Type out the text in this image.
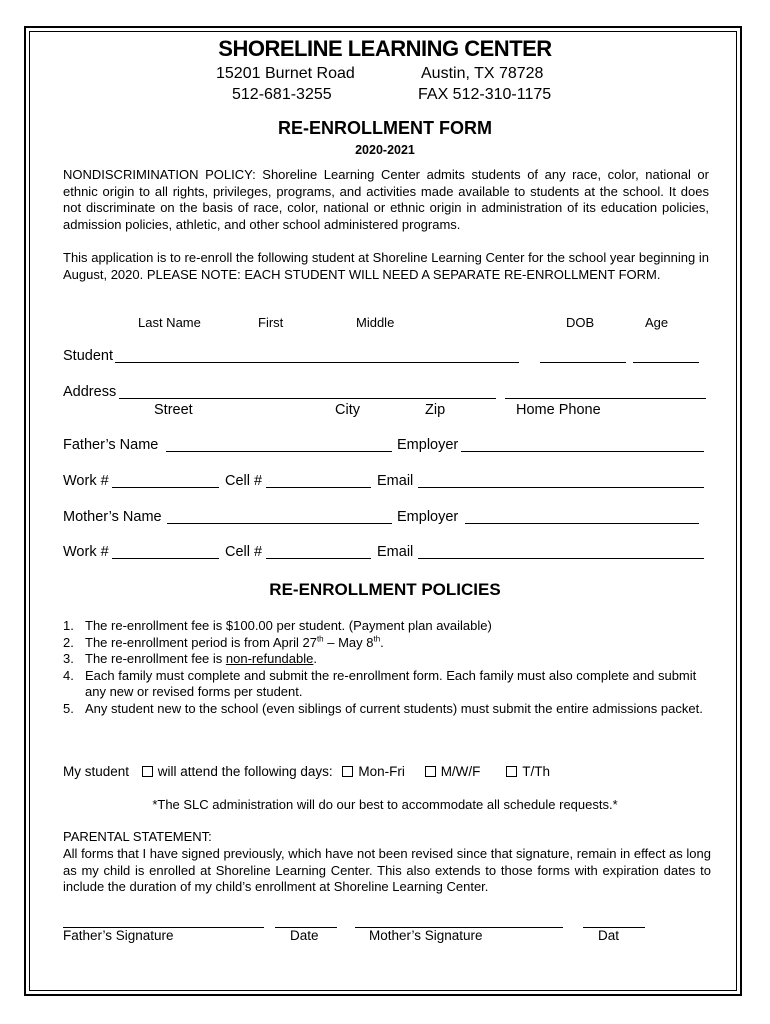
SHORELINE LEARNING CENTER
15201 Burnet Road	Austin, TX 78728
512-681-3255	FAX 512-310-1175
RE-ENROLLMENT FORM
2020-2021
NONDISCRIMINATION POLICY: Shoreline Learning Center admits students of any race, color, national or ethnic origin to all rights, privileges, programs, and activities made available to students at the school. It does not discriminate on the basis of race, color, national or ethnic origin in administration of its education policies, admission policies, athletic, and other school administered programs.
This application is to re-enroll the following student at Shoreline Learning Center for the school year beginning in August, 2020. PLEASE NOTE: EACH STUDENT WILL NEED A SEPARATE RE-ENROLLMENT FORM.
Last Name	First	Middle	DOB	Age
Student
Address
Street	City	Zip	Home Phone
Father’s Name	Employer
Work #	Cell #	Email
Mother’s Name	Employer
Work #	Cell #	Email
RE-ENROLLMENT POLICIES
1. The re-enrollment fee is $100.00 per student. (Payment plan available)
2. The re-enrollment period is from April 27th – May 8th.
3. The re-enrollment fee is non-refundable.
4. Each family must complete and submit the re-enrollment form. Each family must also complete and submit any new or revised forms per student.
5. Any student new to the school (even siblings of current students) must submit the entire admissions packet.
My student will attend the following days: Mon-Fri	M/W/F	T/Th
*The SLC administration will do our best to accommodate all schedule requests.*
PARENTAL STATEMENT:
All forms that I have signed previously, which have not been revised since that signature, remain in effect as long as my child is enrolled at Shoreline Learning Center. This also extends to those forms with expiration dates to include the duration of my child’s enrollment at Shoreline Learning Center.
Father’s Signature	Date	Mother’s Signature	Dat
